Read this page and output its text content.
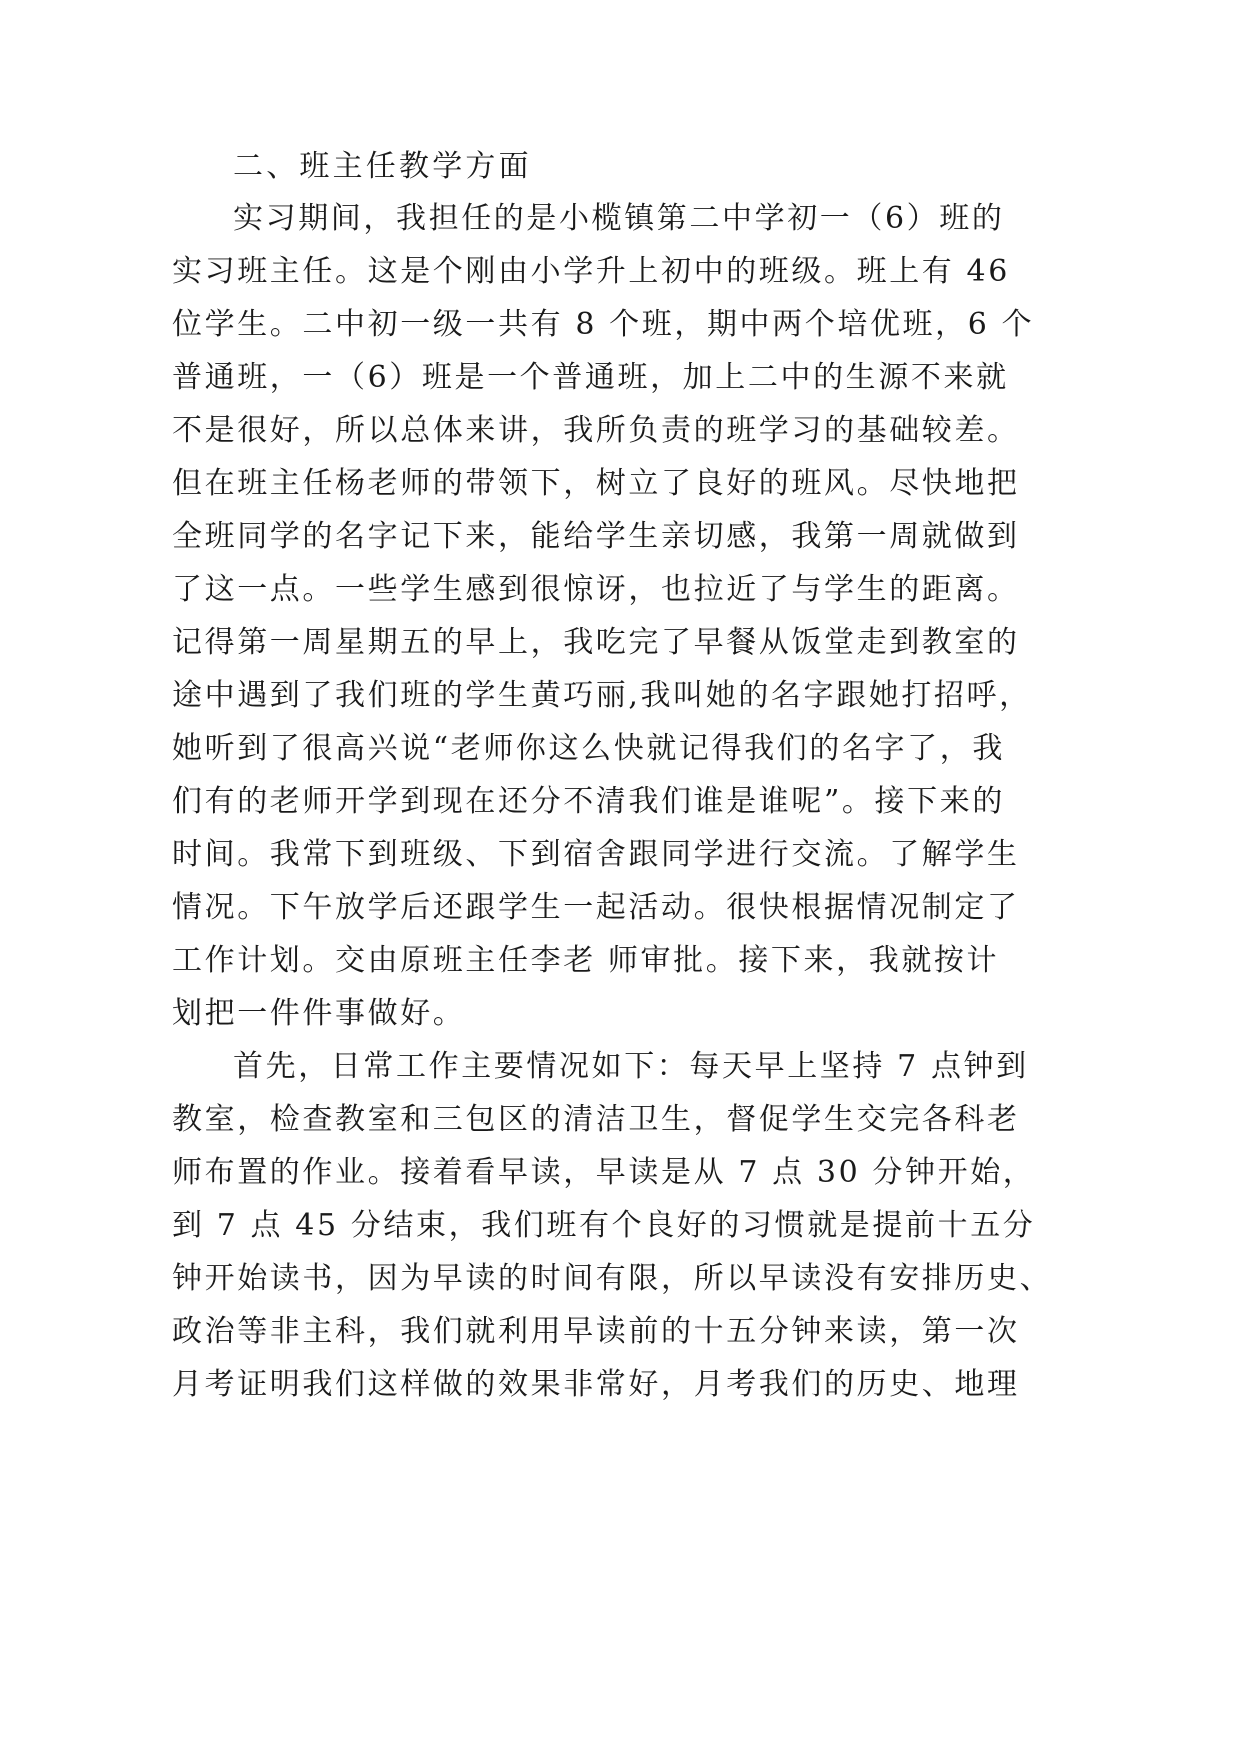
二、班主任教学方面
实习期间，我担任的是小榄镇第二中学初一（6）班的
实习班主任。这是个刚由小学升上初中的班级。班上有 46
位学生。二中初一级一共有 8 个班，期中两个培优班，6 个
普通班，一（6）班是一个普通班，加上二中的生源不来就
不是很好，所以总体来讲，我所负责的班学习的基础较差。
但在班主任杨老师的带领下，树立了良好的班风。尽快地把
全班同学的名字记下来，能给学生亲切感，我第一周就做到
了这一点。一些学生感到很惊讶，也拉近了与学生的距离。
记得第一周星期五的早上，我吃完了早餐从饭堂走到教室的
途中遇到了我们班的学生黄巧丽,我叫她的名字跟她打招呼，
她听到了很高兴说“老师你这么快就记得我们的名字了，我
们有的老师开学到现在还分不清我们谁是谁呢”。接下来的
时间。我常下到班级、下到宿舍跟同学进行交流。了解学生
情况。下午放学后还跟学生一起活动。很快根据情况制定了
工作计划。交由原班主任李老 师审批。接下来，我就按计
划把一件件事做好。
首先，日常工作主要情况如下：每天早上坚持 7 点钟到
教室，检查教室和三包区的清洁卫生，督促学生交完各科老
师布置的作业。接着看早读，早读是从 7 点 30 分钟开始，
到 7 点 45 分结束，我们班有个良好的习惯就是提前十五分
钟开始读书，因为早读的时间有限，所以早读没有安排历史、
政治等非主科，我们就利用早读前的十五分钟来读，第一次
月考证明我们这样做的效果非常好，月考我们的历史、地理
